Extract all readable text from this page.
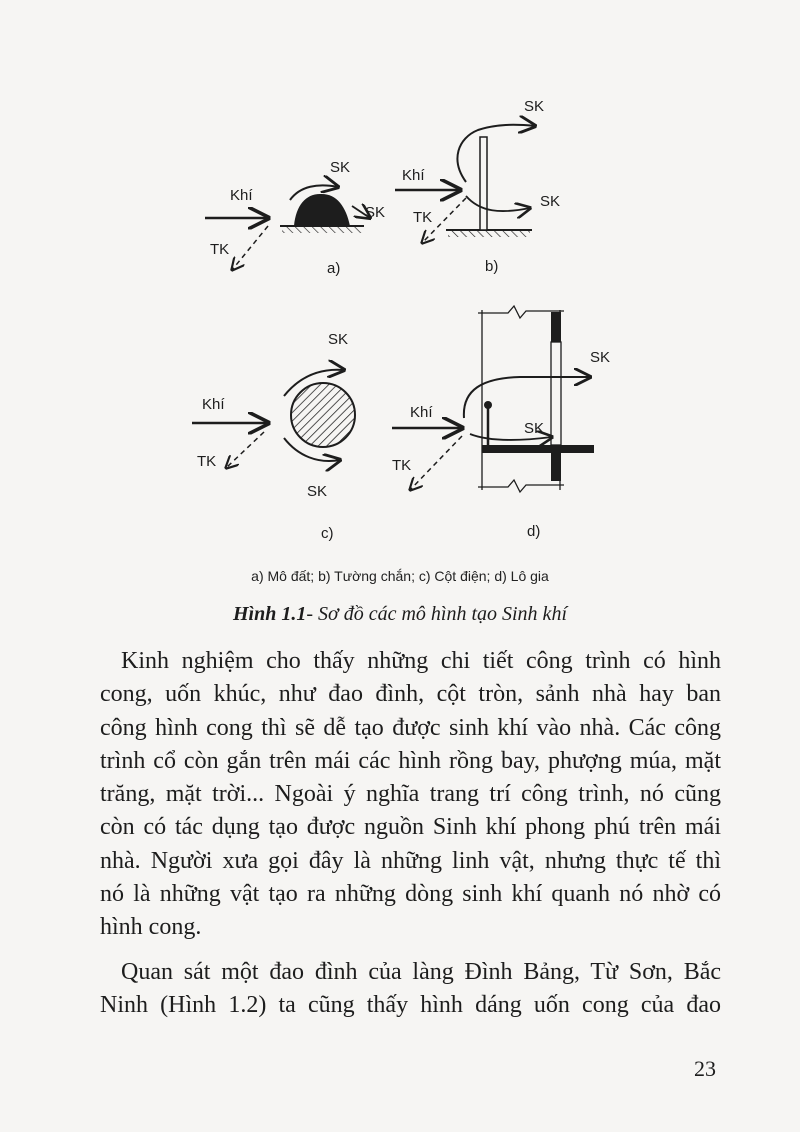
Khí
SK
SK
TK
a)
Khí
SK
SK
TK
b)
Khí
SK
SK
TK
c)
Khí
SK
SK
TK
d)
a) Mô đất; b) Tường chắn; c) Cột điện; d) Lô gia
Hình 1.1- Sơ đồ các mô hình tạo Sinh khí
Kinh nghiệm cho thấy những chi tiết công trình có hình
cong, uốn khúc, như đao đình, cột tròn, sảnh nhà hay ban
công hình cong thì sẽ dễ tạo được sinh khí vào nhà. Các công
trình cổ còn gắn trên mái các hình rồng bay, phượng múa, mặt
trăng, mặt trời... Ngoài ý nghĩa trang trí công trình, nó cũng
còn có tác dụng tạo được nguồn Sinh khí phong phú trên mái
nhà. Người xưa gọi đây là những linh vật, nhưng thực tế thì
nó là những vật tạo ra những dòng sinh khí quanh nó nhờ có
hình cong.
Quan sát một đao đình của làng Đình Bảng, Từ Sơn, Bắc
Ninh (Hình 1.2) ta cũng thấy hình dáng uốn cong của đao
23
